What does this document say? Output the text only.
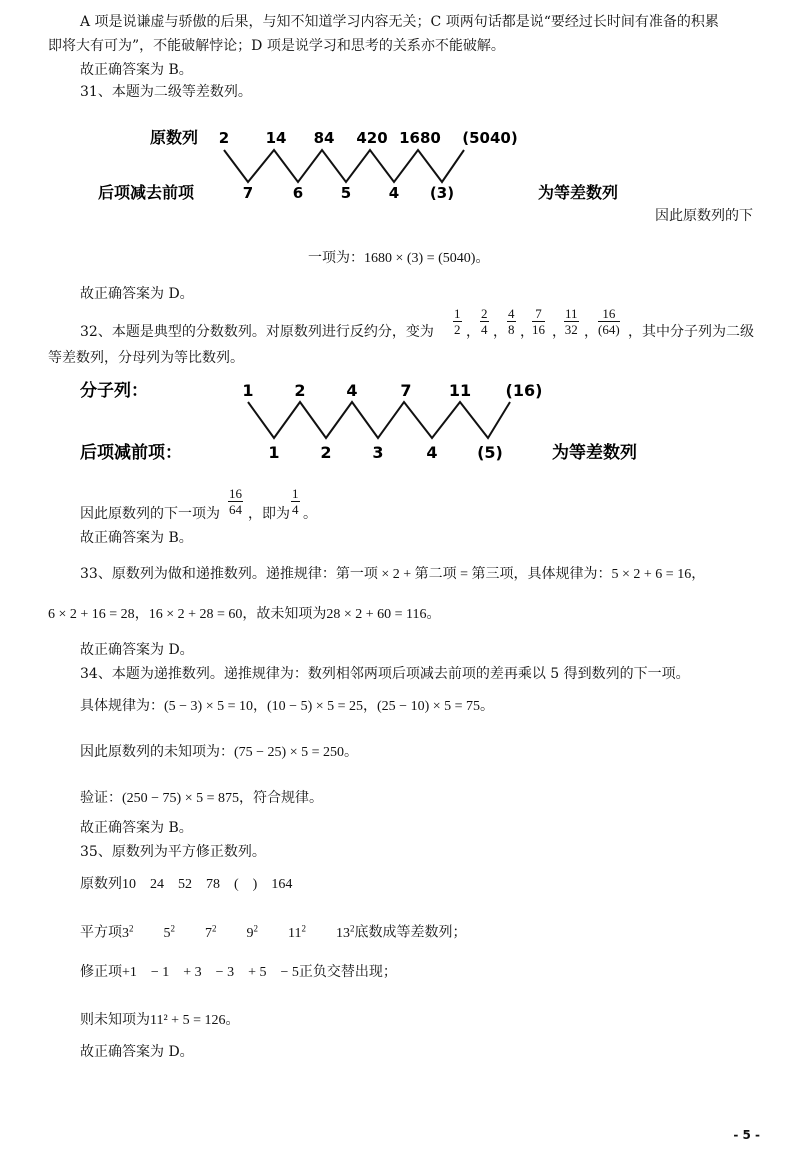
A 项是说谦虚与骄傲的后果，与知不知道学习内容无关；C 项两句话都是说“要经过长时间有准备的积累
即将大有可为”，不能破解悖论；D 项是说学习和思考的关系亦不能破解。
故正确答案为 B。
31、本题为二级等差数列。
原数列
后项减去前项	为等差数列
2 14 84 420 1680 (5040)
7	6	5	4 (3)
因此原数列的下
一项为：1680 × (3) = (5040)。
故正确答案为 D。
32、本题是典型的分数数列。对原数列进行反约分，变为 $\frac{1}{2}$ ， $\frac{2}{4}$ ， $\frac{4}{8}$ ，
$\frac{7}{16}$ ，
$\frac{11}{32}$ ， $\frac{16}{(64)}$ ，其中分子列为二级
等差数列，分母列为等比数列。
分子列：
后项减前项：	为等差数列
1	2	4	7 11 (16)
1	2	3	4 (5)
因此原数列的下一项为 $\frac{16}{64}$ ，即为 $\frac{1}{4}$ 。
故正确答案为 B。
33、原数列为做和递推数列。递推规律：第一项 × 2 + 第二项 = 第三项，具体规律为：5 × 2 + 6 = 16，
6 × 2 + 16 = 28，16 × 2 + 28 = 60，故未知项为28 × 2 + 60 = 116。
故正确答案为 D。
34、本题为递推数列。递推规律为：数列相邻两项后项减去前项的差再乘以 5 得到数列的下一项。
具体规律为：(5 − 3) × 5 = 10，(10 − 5) × 5 = 25，(25 − 10) × 5 = 75。
因此原数列的未知项为：(75 − 25) × 5 = 250。
验证：(250 − 75) × 5 = 875，符合规律。
故正确答案为 B。
35、原数列为平方修正数列。
原数列10    24    52    78    (    )    164
平方项$3^2$ $5^2$ $7^2$ $9^2$ $11^2$ $13^2$底数成等差数列；
修正项+1    − 1    + 3    − 3    + 5    − 5正负交替出现；
则未知项为11² + 5 = 126。
故正确答案为 D。
- 5 -
